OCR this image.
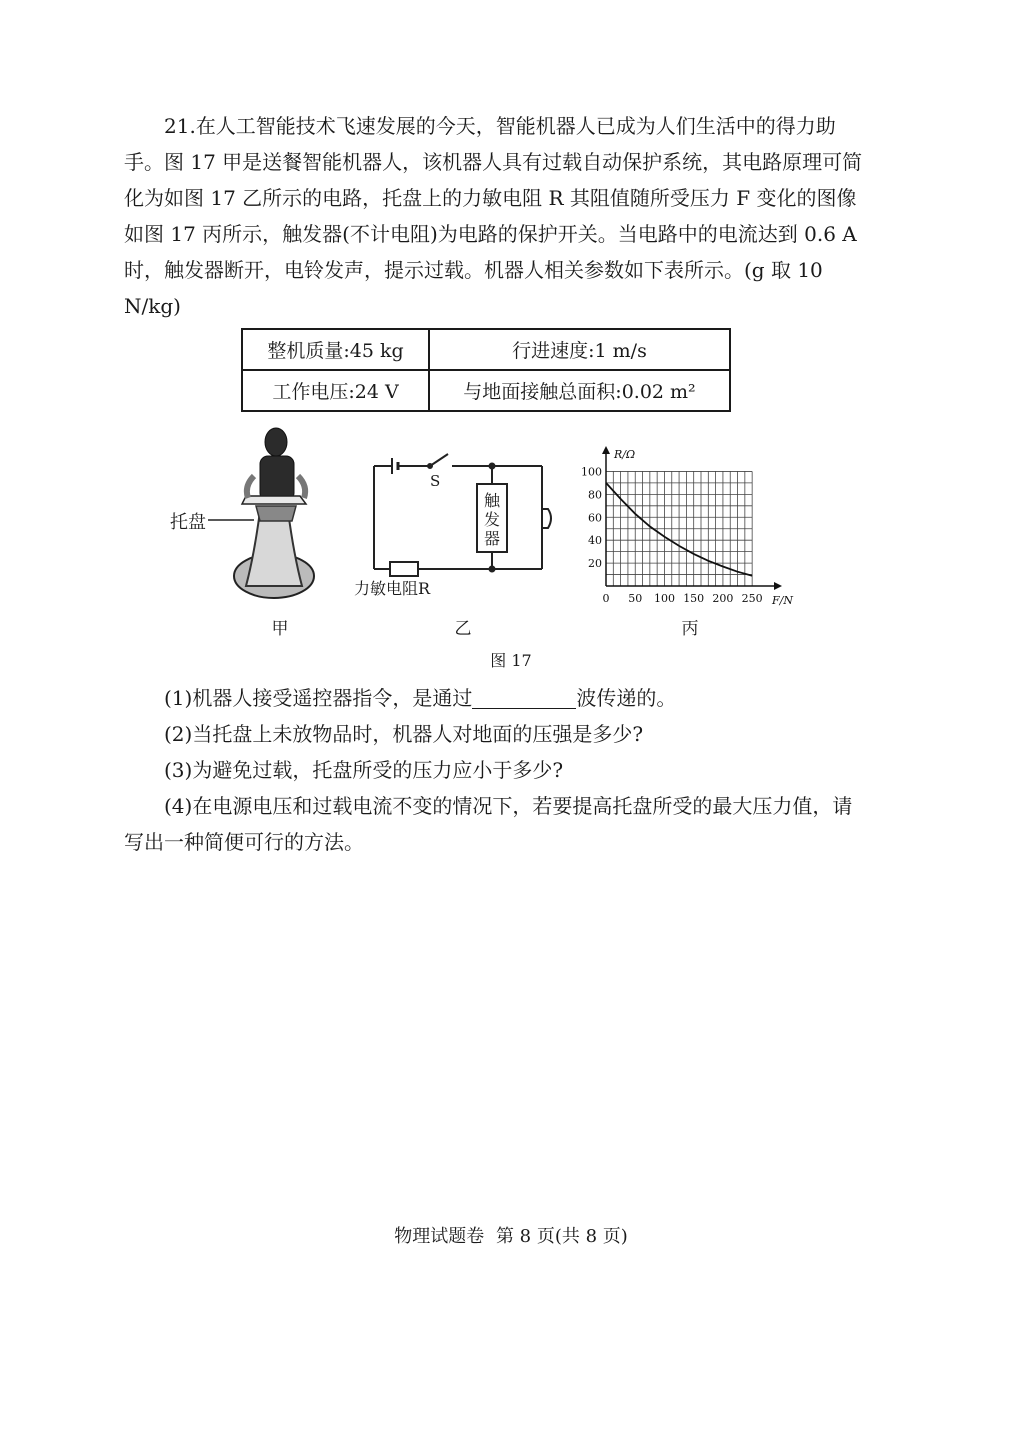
21.在人工智能技术飞速发展的今天，智能机器人已成为人们生活中的得力助手。图 17 甲是送餐智能机器人，该机器人具有过载自动保护系统，其电路原理可简化为如图 17 乙所示的电路，托盘上的力敏电阻 R 其阻值随所受压力 F 变化的图像如图 17 丙所示，触发器(不计电阻)为电路的保护开关。当电路中的电流达到 0.6 A 时，触发器断开，电铃发声，提示过载。机器人相关参数如下表所示。(g 取 10 N/kg)

整机质量:45 kg	行进速度:1 m/s
工作电压:24 V	与地面接触总面积:0.02 m²
托盘
S
触
发
器
力敏电阻R
0 50 100 150 200 250
20
40
60
80
100
F/N
R/Ω
甲	乙	丙
图 17

(1)机器人接受遥控器指令，是通过	波传递的。

(2)当托盘上未放物品时，机器人对地面的压强是多少?

(3)为避免过载，托盘所受的压力应小于多少?

(4)在电源电压和过载电流不变的情况下，若要提高托盘所受的最大压力值，请写出一种简便可行的方法。

物理试题卷 第 8 页(共 8 页)
